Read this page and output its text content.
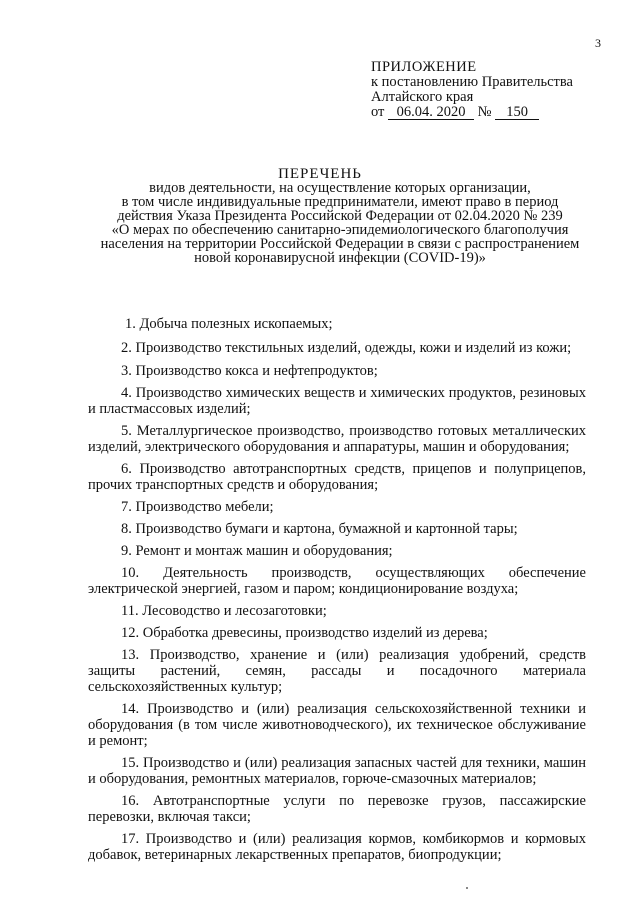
3
ПРИЛОЖЕНИЕ
к постановлению Правительства
Алтайского края
от 06.04. 2020 № 150
ПЕРЕЧЕНЬ
видов деятельности, на осуществление которых организации,
в том числе индивидуальные предприниматели, имеют право в период
действия Указа Президента Российской Федерации от 02.04.2020 № 239
«О мерах по обеспечению санитарно-эпидемиологического благополучия
населения на территории Российской Федерации в связи с распространением
новой коронавирусной инфекции (COVID-19)»
1. Добыча полезных ископаемых;
2. Производство текстильных изделий, одежды, кожи и изделий из кожи;
3. Производство кокса и нефтепродуктов;
4. Производство химических веществ и химических продуктов, резиновых и пластмассовых изделий;
5. Металлургическое производство, производство готовых металлических изделий, электрического оборудования и аппаратуры, машин и оборудования;
6. Производство автотранспортных средств, прицепов и полуприцепов, прочих транспортных средств и оборудования;
7. Производство мебели;
8. Производство бумаги и картона, бумажной и картонной тары;
9. Ремонт и монтаж машин и оборудования;
10. Деятельность производств, осуществляющих обеспечение электрической энергией, газом и паром; кондиционирование воздуха;
11. Лесоводство и лесозаготовки;
12. Обработка древесины, производство изделий из дерева;
13. Производство, хранение и (или) реализация удобрений, средств защиты растений, семян, рассады и посадочного материала сельскохозяйственных культур;
14. Производство и (или) реализация сельскохозяйственной техники и оборудования (в том числе животноводческого), их техническое обслуживание и ремонт;
15. Производство и (или) реализация запасных частей для техники, машин и оборудования, ремонтных материалов, горюче-смазочных материалов;
16. Автотранспортные услуги по перевозке грузов, пассажирские перевозки, включая такси;
17. Производство и (или) реализация кормов, комбикормов и кормовых добавок, ветеринарных лекарственных препаратов, биопродукции;
